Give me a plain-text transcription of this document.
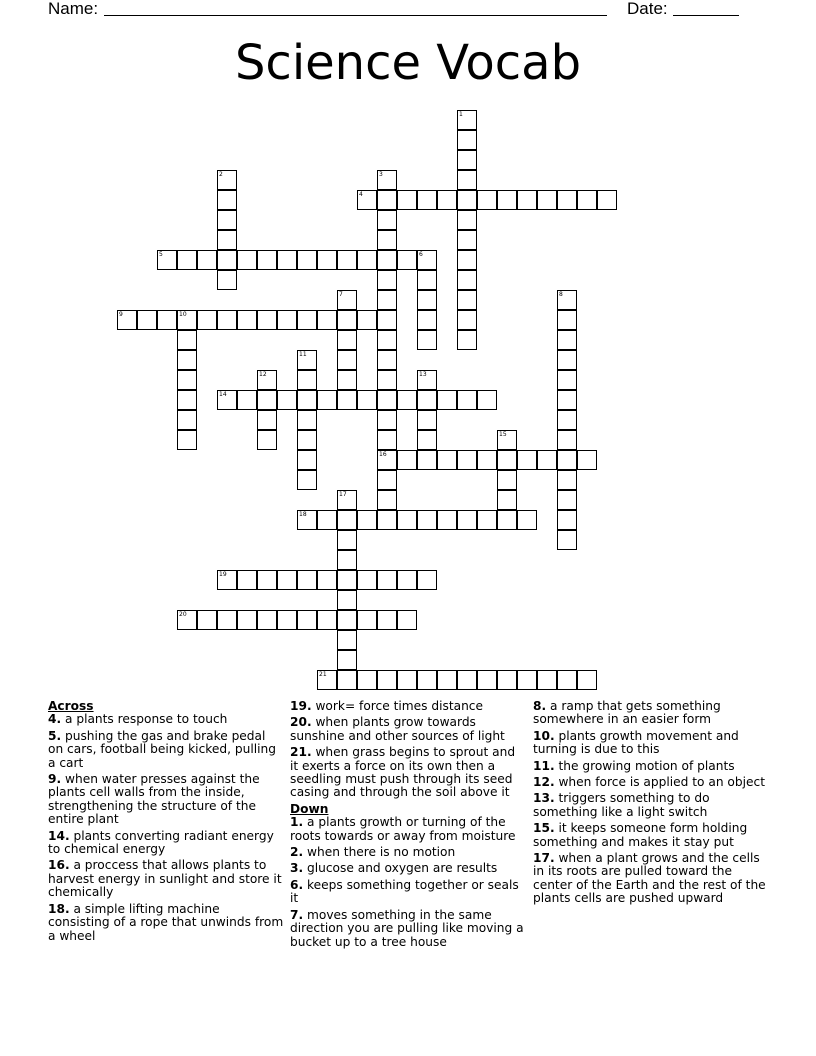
Name:	Date:
Science Vocab
1
2	3
16
4
5	6
7	8
9	10
11
12	13
14
15
17
18
19
20
21
Across
4. a plants response to touch
5. pushing the gas and brake pedal on cars, football being kicked, pulling a cart
9. when water presses against the plants cell walls from the inside, strengthening the structure of the entire plant
14. plants converting radiant energy to chemical energy
16. a proccess that allows plants to harvest energy in sunlight and store it chemically
18. a simple lifting machine consisting of a rope that unwinds from a wheel
19. work= force times distance
20. when plants grow towards sunshine and other sources of light
21. when grass begins to sprout and it exerts a force on its own then a seedling must push through its seed casing and through the soil above it
Down
1. a plants growth or turning of the roots towards or away from moisture
2. when there is no motion
3. glucose and oxygen are results
6. keeps something together or seals it
7. moves something in the same direction you are pulling like moving a bucket up to a tree house
8. a ramp that gets something somewhere in an easier form
10. plants growth movement and turning is due to this
11. the growing motion of plants
12. when force is applied to an object
13. triggers something to do something like a light switch
15. it keeps someone form holding something and makes it stay put
17. when a plant grows and the cells in its roots are pulled toward the center of the Earth and the rest of the plants cells are pushed upward
